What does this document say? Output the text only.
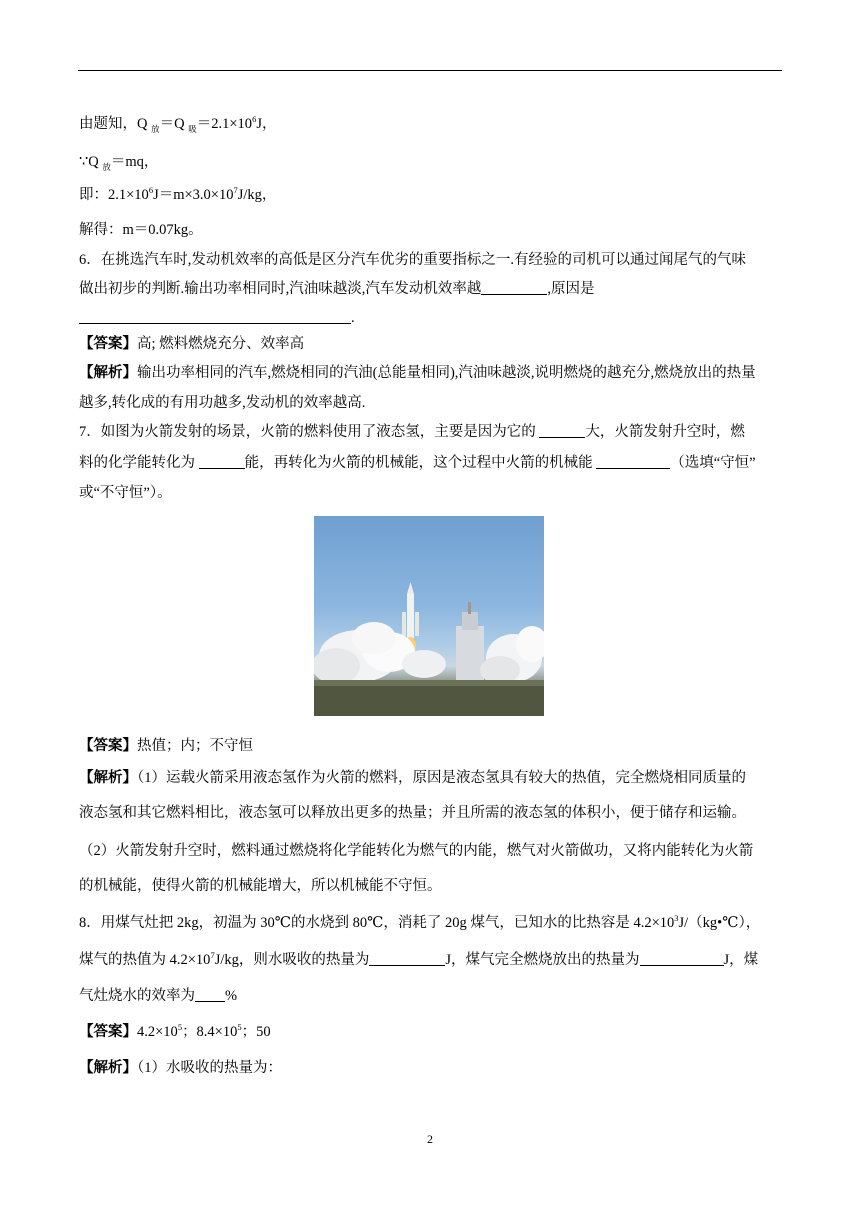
由题知，Q $_放$＝Q $_吸=2.1\times 10^6J$，
∵Q $_放$＝mq，
即：$2.1\times 10^6J=m\times 3.0\times 10^7J/kg$，
解得：m＝0.07kg。
6．在挑选汽车时,发动机效率的高低是区分汽车优劣的重要指标之一.有经验的司机可以通过闻尾气的气味
做出初步的判断.输出功率相同时,汽油味越淡,汽车发动机效率越	,原因是
.
【答案】高; 燃料燃烧充分、效率高
【解析】输出功率相同的汽车,燃烧相同的汽油(总能量相同),汽油味越淡,说明燃烧的越充分,燃烧放出的热量
越多,转化成的有用功越多,发动机的效率越高.
7．如图为火箭发射的场景，火箭的燃料使用了液态氢，主要是因为它的	大，火箭发射升空时，燃
料的化学能转化为	能，再转化为火箭的机械能，这个过程中火箭的机械能	（选填“守恒”
或“不守恒”）。
【答案】热值；内；不守恒
【解析】（1）运载火箭采用液态氢作为火箭的燃料，原因是液态氢具有较大的热值，完全燃烧相同质量的
液态氢和其它燃料相比，液态氢可以释放出更多的热量；并且所需的液态氢的体积小，便于储存和运输。
（2）火箭发射升空时，燃料通过燃烧将化学能转化为燃气的内能，燃气对火箭做功，又将内能转化为火箭
的机械能，使得火箭的机械能增大，所以机械能不守恒。
8．用煤气灶把 2kg，初温为 30℃的水烧到 80℃，消耗了 20g 煤气，已知水的比热容是 $4.2\times 10^3J/(kg•℃)$，
煤气的热值为 $4.2\times 10^7J/kg$，则水吸收的热量为	J，煤气完全燃烧放出的热量为	J，煤
气灶烧水的效率为 %
【答案】$4.2\times 10^5$；$8.4\times 10^5$；50
【解析】（1）水吸收的热量为：
2
